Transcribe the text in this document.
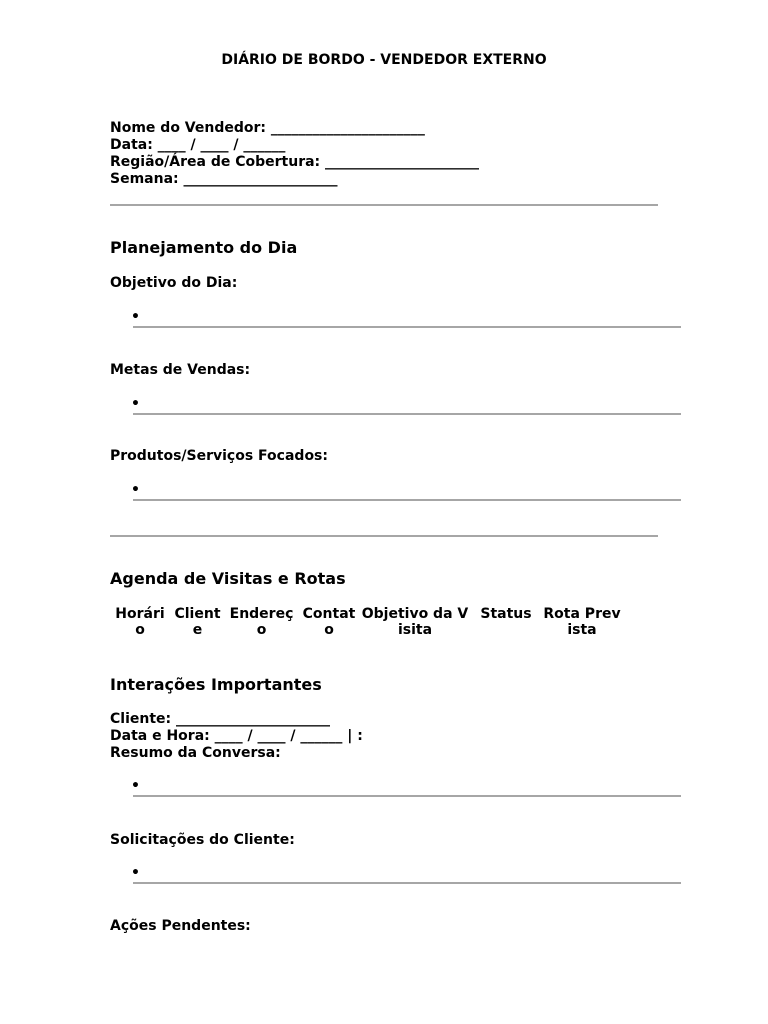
DIÁRIO DE BORDO - VENDEDOR EXTERNO
Nome do Vendedor: ______________________
Data: ____ / ____ / ______
Região/Área de Cobertura: ______________________
Semana: ______________________
Planejamento do Dia
Objetivo do Dia:
•
Metas de Vendas:
•
Produtos/Serviços Focados:
•
Agenda de Visitas e Rotas
Horário	Cliente	Endereço	Contato	Objetivo da Visita	Status	Rota Prevista
Interações Importantes
Cliente: ______________________
Data e Hora: ____ / ____ / ______ | :
Resumo da Conversa:
•
Solicitações do Cliente:
•
Ações Pendentes:
